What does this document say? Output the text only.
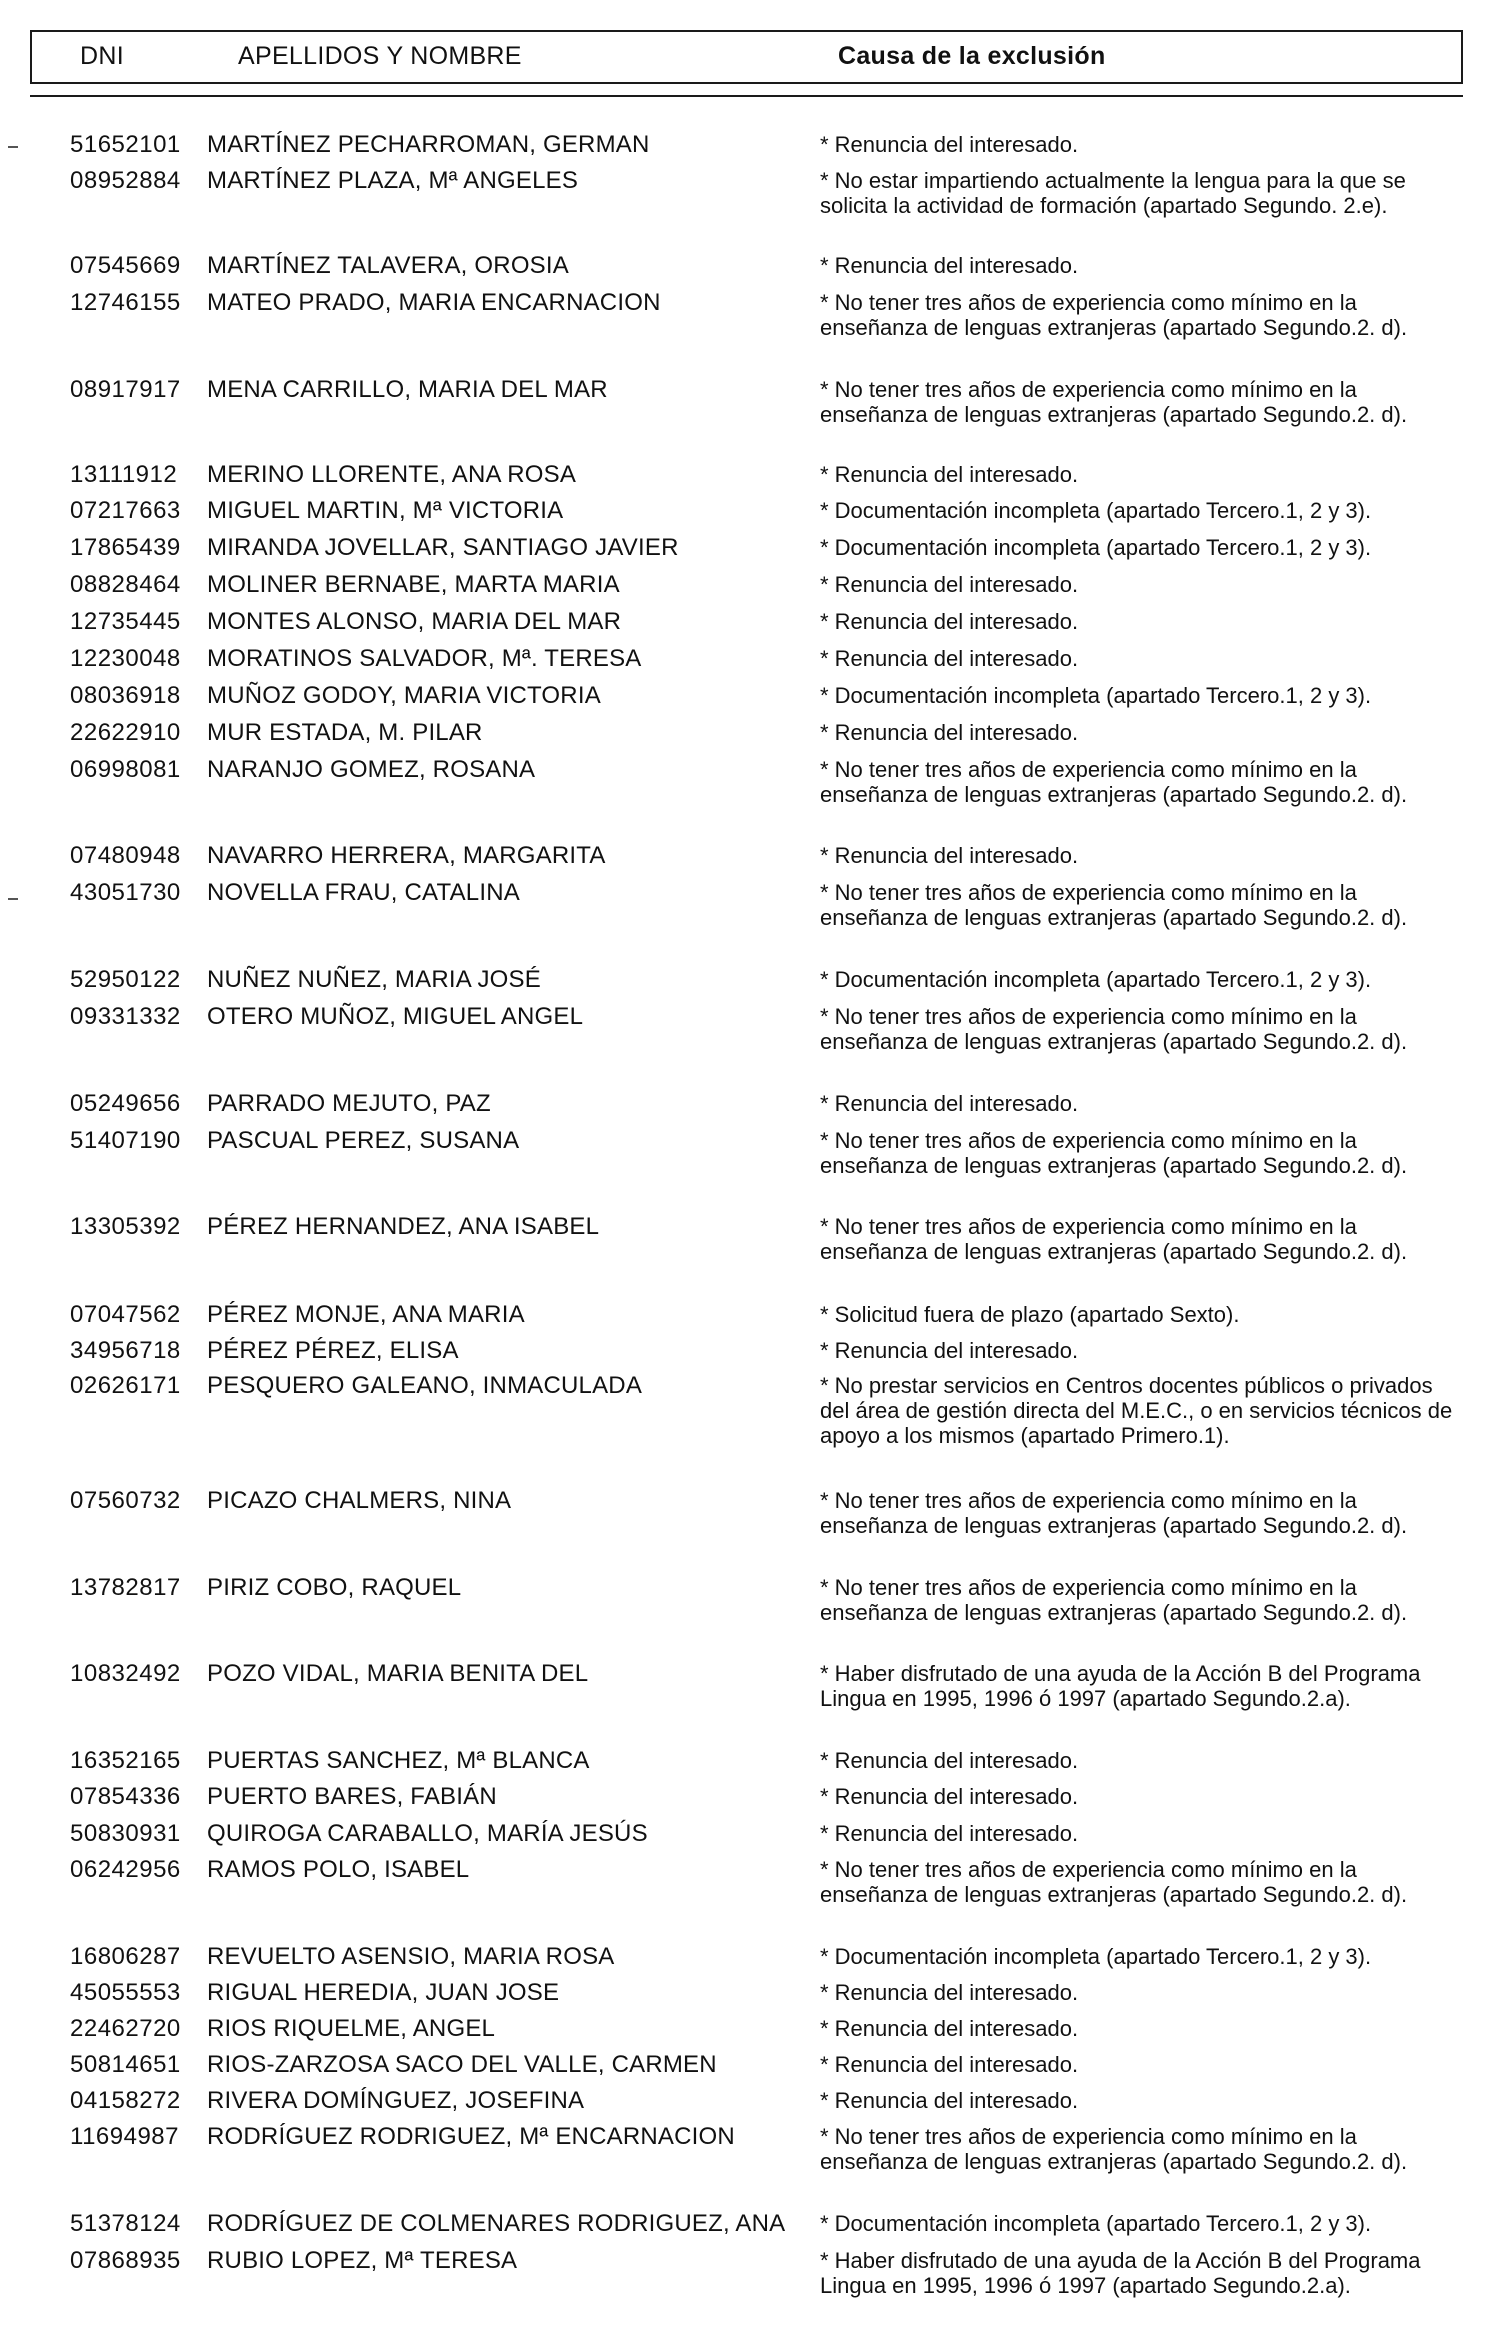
DNI	APELLIDOS Y NOMBRE	Causa de la exclusión
51652101 MARTÍNEZ PECHARROMAN, GERMAN	* Renuncia del interesado.
08952884 MARTÍNEZ PLAZA, Mª ANGELES	* No estar impartiendo actualmente la lengua para la que se solicita la actividad de formación (apartado Segundo. 2.e).
07545669 MARTÍNEZ TALAVERA, OROSIA	* Renuncia del interesado.
12746155 MATEO PRADO, MARIA ENCARNACION	* No tener tres años de experiencia como mínimo en la enseñanza de lenguas extranjeras (apartado Segundo.2. d).
08917917 MENA CARRILLO, MARIA DEL MAR	* No tener tres años de experiencia como mínimo en la enseñanza de lenguas extranjeras (apartado Segundo.2. d).
13111912 MERINO LLORENTE, ANA ROSA	* Renuncia del interesado.
07217663 MIGUEL MARTIN, Mª VICTORIA	* Documentación incompleta (apartado Tercero.1, 2 y 3).
17865439 MIRANDA JOVELLAR, SANTIAGO JAVIER	* Documentación incompleta (apartado Tercero.1, 2 y 3).
08828464 MOLINER BERNABE, MARTA MARIA	* Renuncia del interesado.
12735445 MONTES ALONSO, MARIA DEL MAR	* Renuncia del interesado.
12230048 MORATINOS SALVADOR, Mª. TERESA	* Renuncia del interesado.
08036918 MUÑOZ GODOY, MARIA VICTORIA	* Documentación incompleta (apartado Tercero.1, 2 y 3).
22622910 MUR ESTADA, M. PILAR	* Renuncia del interesado.
06998081 NARANJO GOMEZ, ROSANA	* No tener tres años de experiencia como mínimo en la enseñanza de lenguas extranjeras (apartado Segundo.2. d).
07480948 NAVARRO HERRERA, MARGARITA	* Renuncia del interesado.
43051730 NOVELLA FRAU, CATALINA	* No tener tres años de experiencia como mínimo en la enseñanza de lenguas extranjeras (apartado Segundo.2. d).
52950122 NUÑEZ NUÑEZ, MARIA JOSÉ	* Documentación incompleta (apartado Tercero.1, 2 y 3).
09331332 OTERO MUÑOZ, MIGUEL ANGEL	* No tener tres años de experiencia como mínimo en la enseñanza de lenguas extranjeras (apartado Segundo.2. d).
05249656 PARRADO MEJUTO, PAZ	* Renuncia del interesado.
51407190 PASCUAL PEREZ, SUSANA	* No tener tres años de experiencia como mínimo en la enseñanza de lenguas extranjeras (apartado Segundo.2. d).
13305392 PÉREZ HERNANDEZ, ANA ISABEL	* No tener tres años de experiencia como mínimo en la enseñanza de lenguas extranjeras (apartado Segundo.2. d).
07047562 PÉREZ MONJE, ANA MARIA	* Solicitud fuera de plazo (apartado Sexto).
34956718 PÉREZ PÉREZ, ELISA	* Renuncia del interesado.
02626171 PESQUERO GALEANO, INMACULADA	* No prestar servicios en Centros docentes públicos o privados del área de gestión directa del M.E.C., o en servicios técnicos de apoyo a los mismos (apartado Primero.1).
07560732 PICAZO CHALMERS, NINA	* No tener tres años de experiencia como mínimo en la enseñanza de lenguas extranjeras (apartado Segundo.2. d).
13782817 PIRIZ COBO, RAQUEL	* No tener tres años de experiencia como mínimo en la enseñanza de lenguas extranjeras (apartado Segundo.2. d).
10832492 POZO VIDAL, MARIA BENITA DEL	* Haber disfrutado de una ayuda de la Acción B del Programa Lingua en 1995, 1996 ó 1997 (apartado Segundo.2.a).
16352165 PUERTAS SANCHEZ, Mª BLANCA	* Renuncia del interesado.
07854336 PUERTO BARES, FABIÁN	* Renuncia del interesado.
50830931 QUIROGA CARABALLO, MARÍA JESÚS	* Renuncia del interesado.
06242956 RAMOS POLO, ISABEL	* No tener tres años de experiencia como mínimo en la enseñanza de lenguas extranjeras (apartado Segundo.2. d).
16806287 REVUELTO ASENSIO, MARIA ROSA	* Documentación incompleta (apartado Tercero.1, 2 y 3).
45055553 RIGUAL HEREDIA, JUAN JOSE	* Renuncia del interesado.
22462720 RIOS RIQUELME, ANGEL	* Renuncia del interesado.
50814651 RIOS-ZARZOSA SACO DEL VALLE, CARMEN	* Renuncia del interesado.
04158272 RIVERA DOMÍNGUEZ, JOSEFINA	* Renuncia del interesado.
11694987 RODRÍGUEZ RODRIGUEZ, Mª ENCARNACION	* No tener tres años de experiencia como mínimo en la enseñanza de lenguas extranjeras (apartado Segundo.2. d).
51378124 RODRÍGUEZ DE COLMENARES RODRIGUEZ, ANA * Documentación incompleta (apartado Tercero.1, 2 y 3).
07868935 RUBIO LOPEZ, Mª TERESA	* Haber disfrutado de una ayuda de la Acción B del Programa Lingua en 1995, 1996 ó 1997 (apartado Segundo.2.a).
